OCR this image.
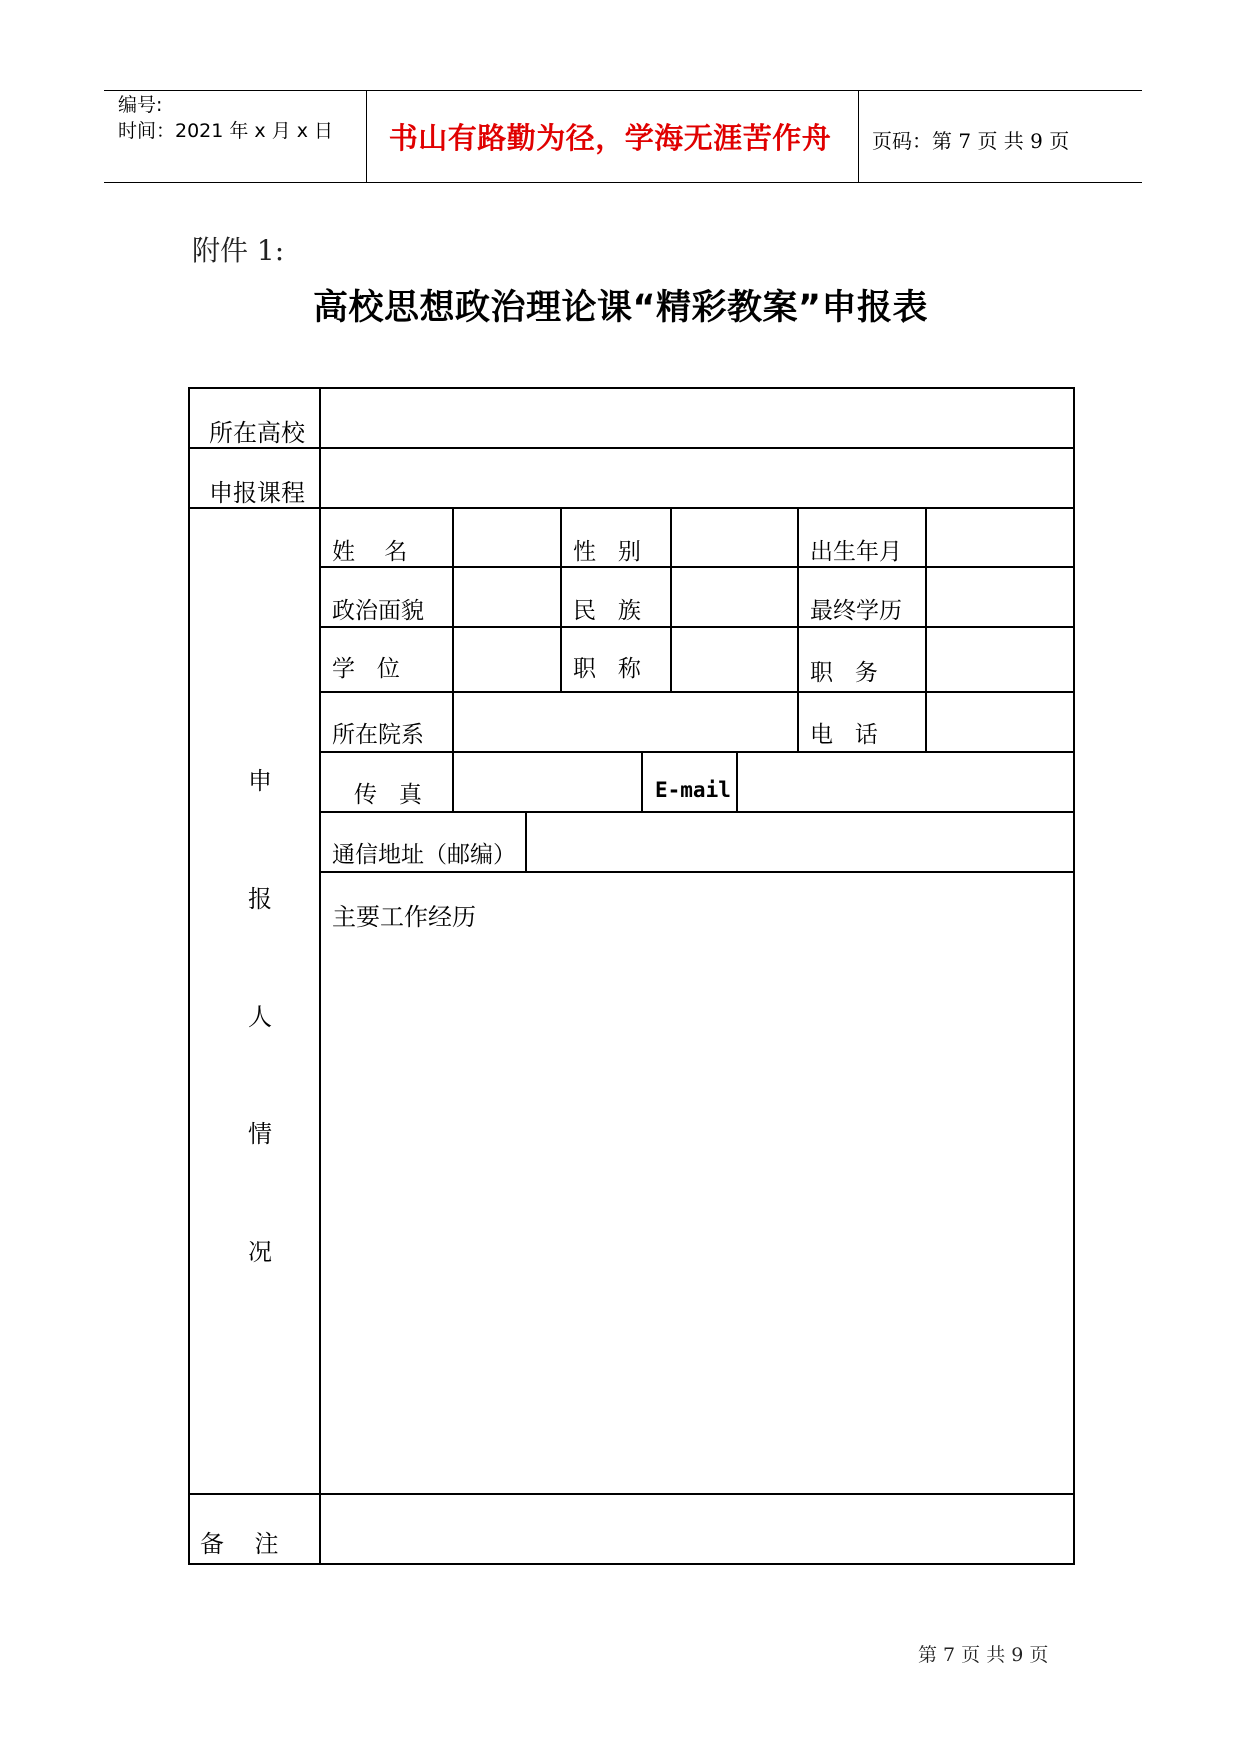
编号:
时间：2021 年 x 月 x 日	书山有路勤为径，学海无涯苦作舟	页码：第 7 页 共 9 页
附件 1:
高校思想政治理论课“精彩教案”申报表
所在高校
申报课程
申
报
人
情
况
姓    名	性   别	出生年月
政治面貌	民   族	最终学历
学   位	职   称	职   务
所在院系	电   话
传   真	E-mail
通信地址（邮编）
主要工作经历
备    注
第 7 页 共 9 页
